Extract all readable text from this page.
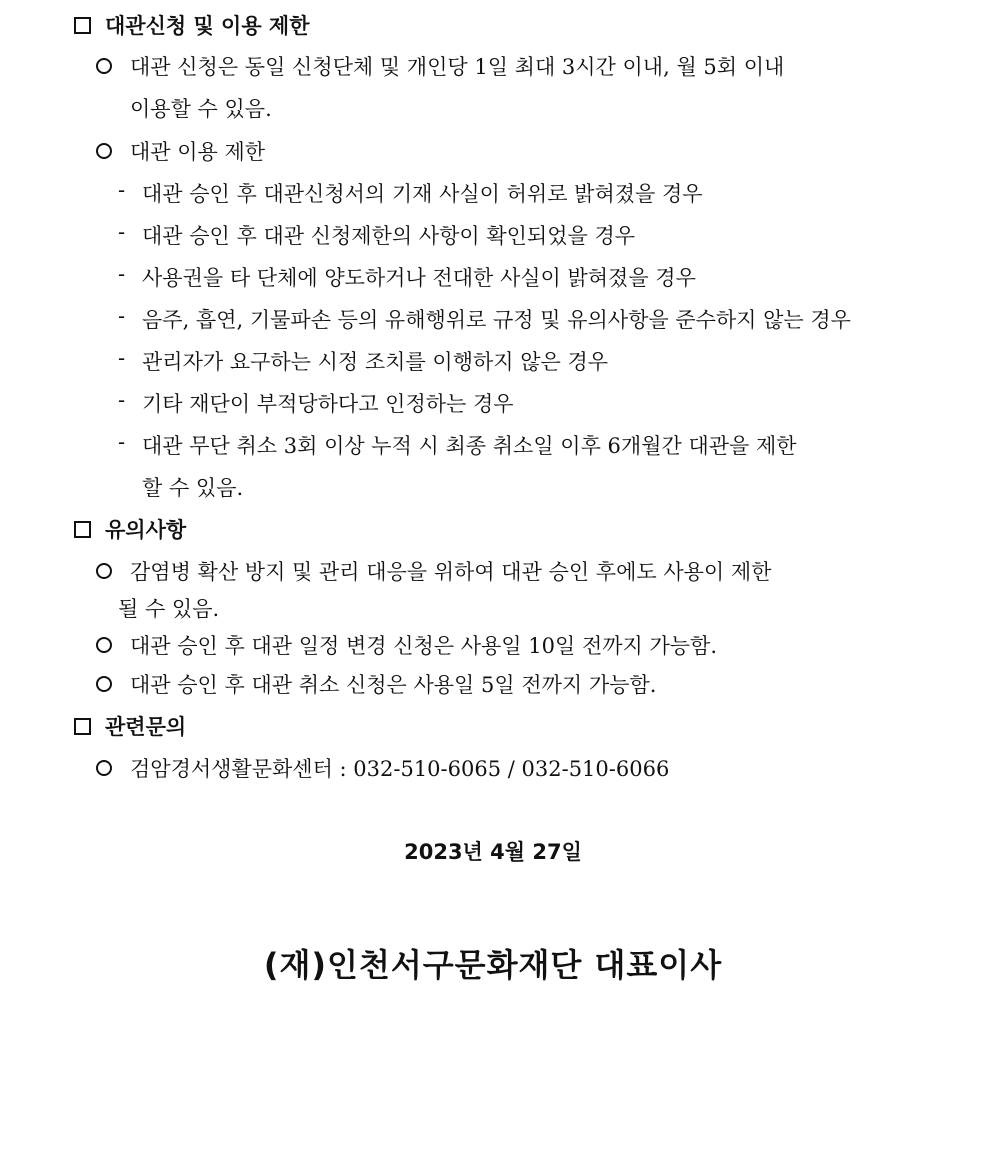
대관신청 및 이용 제한
대관 신청은 동일 신청단체 및 개인당 1일 최대 3시간 이내, 월 5회 이내
이용할 수 있음.
대관 이용 제한
- 대관 승인 후 대관신청서의 기재 사실이 허위로 밝혀졌을 경우
- 대관 승인 후 대관 신청제한의 사항이 확인되었을 경우
- 사용권을 타 단체에 양도하거나 전대한 사실이 밝혀졌을 경우
- 음주, 흡연, 기물파손 등의 유해행위로 규정 및 유의사항을 준수하지 않는 경우
- 관리자가 요구하는 시정 조치를 이행하지 않은 경우
- 기타 재단이 부적당하다고 인정하는 경우
- 대관 무단 취소 3회 이상 누적 시 최종 취소일 이후 6개월간 대관을 제한
할 수 있음.
유의사항
감염병 확산 방지 및 관리 대응을 위하여 대관 승인 후에도 사용이 제한
될 수 있음.
대관 승인 후 대관 일정 변경 신청은 사용일 10일 전까지 가능함.
대관 승인 후 대관 취소 신청은 사용일 5일 전까지 가능함.
관련문의
검암경서생활문화센터 : 032-510-6065 / 032-510-6066
2023년 4월 27일
(재)인천서구문화재단 대표이사
